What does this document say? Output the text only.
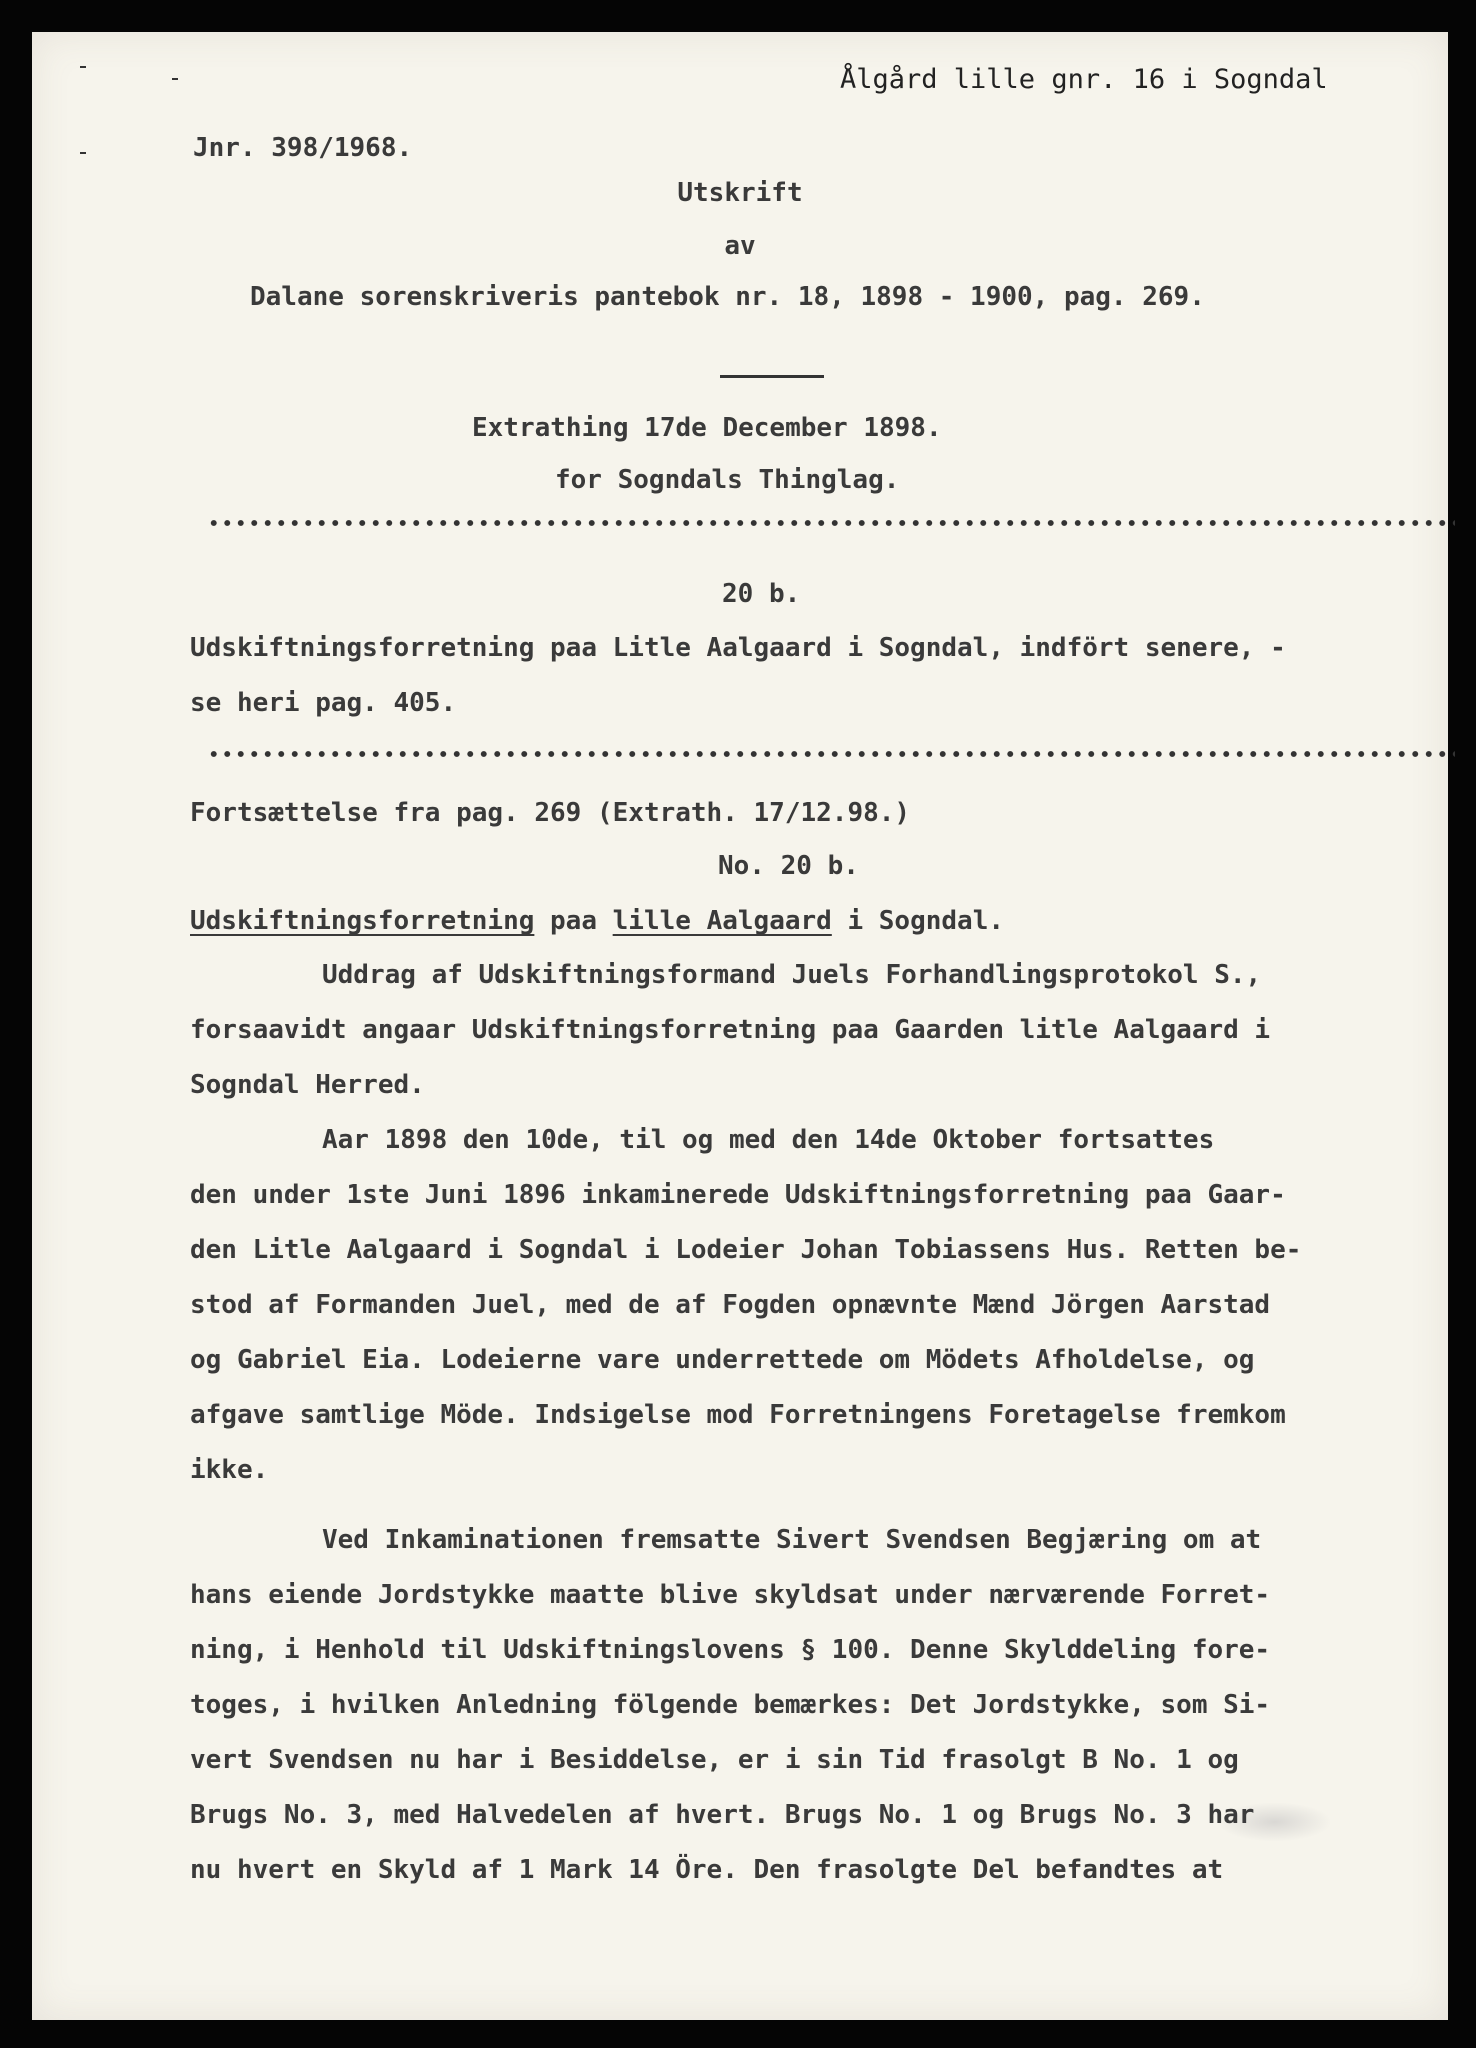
Ålgård lille gnr. 16 i Sogndal
Jnr. 398/1968.
Utskrift
av
Dalane sorenskriveris pantebok nr. 18, 1898 - 1900, pag. 269.
Extrathing 17de December 1898.
for Sogndals Thinglag.
20 b.
Udskiftningsforretning paa Litle Aalgaard i Sogndal, indfört senere, -
se heri pag. 405.
Fortsættelse fra pag. 269 (Extrath. 17/12.98.)
No. 20 b.
Udskiftningsforretning paa lille Aalgaard i Sogndal.
Uddrag af Udskiftningsformand Juels Forhandlingsprotokol S.,
forsaavidt angaar Udskiftningsforretning paa Gaarden litle Aalgaard i
Sogndal Herred.
Aar 1898 den 10de, til og med den 14de Oktober fortsattes
den under 1ste Juni 1896 inkaminerede Udskiftningsforretning paa Gaar-
den Litle Aalgaard i Sogndal i Lodeier Johan Tobiassens Hus. Retten be-
stod af Formanden Juel, med de af Fogden opnævnte Mænd Jörgen Aarstad
og Gabriel Eia. Lodeierne vare underrettede om Mödets Afholdelse, og
afgave samtlige Möde. Indsigelse mod Forretningens Foretagelse fremkom
ikke.
Ved Inkaminationen fremsatte Sivert Svendsen Begjæring om at
hans eiende Jordstykke maatte blive skyldsat under nærværende Forret-
ning, i Henhold til Udskiftningslovens § 100. Denne Skylddeling fore-
toges, i hvilken Anledning fölgende bemærkes: Det Jordstykke, som Si-
vert Svendsen nu har i Besiddelse, er i sin Tid frasolgt B No. 1 og
Brugs No. 3, med Halvedelen af hvert. Brugs No. 1 og Brugs No. 3 har
nu hvert en Skyld af 1 Mark 14 Öre. Den frasolgte Del befandtes at
